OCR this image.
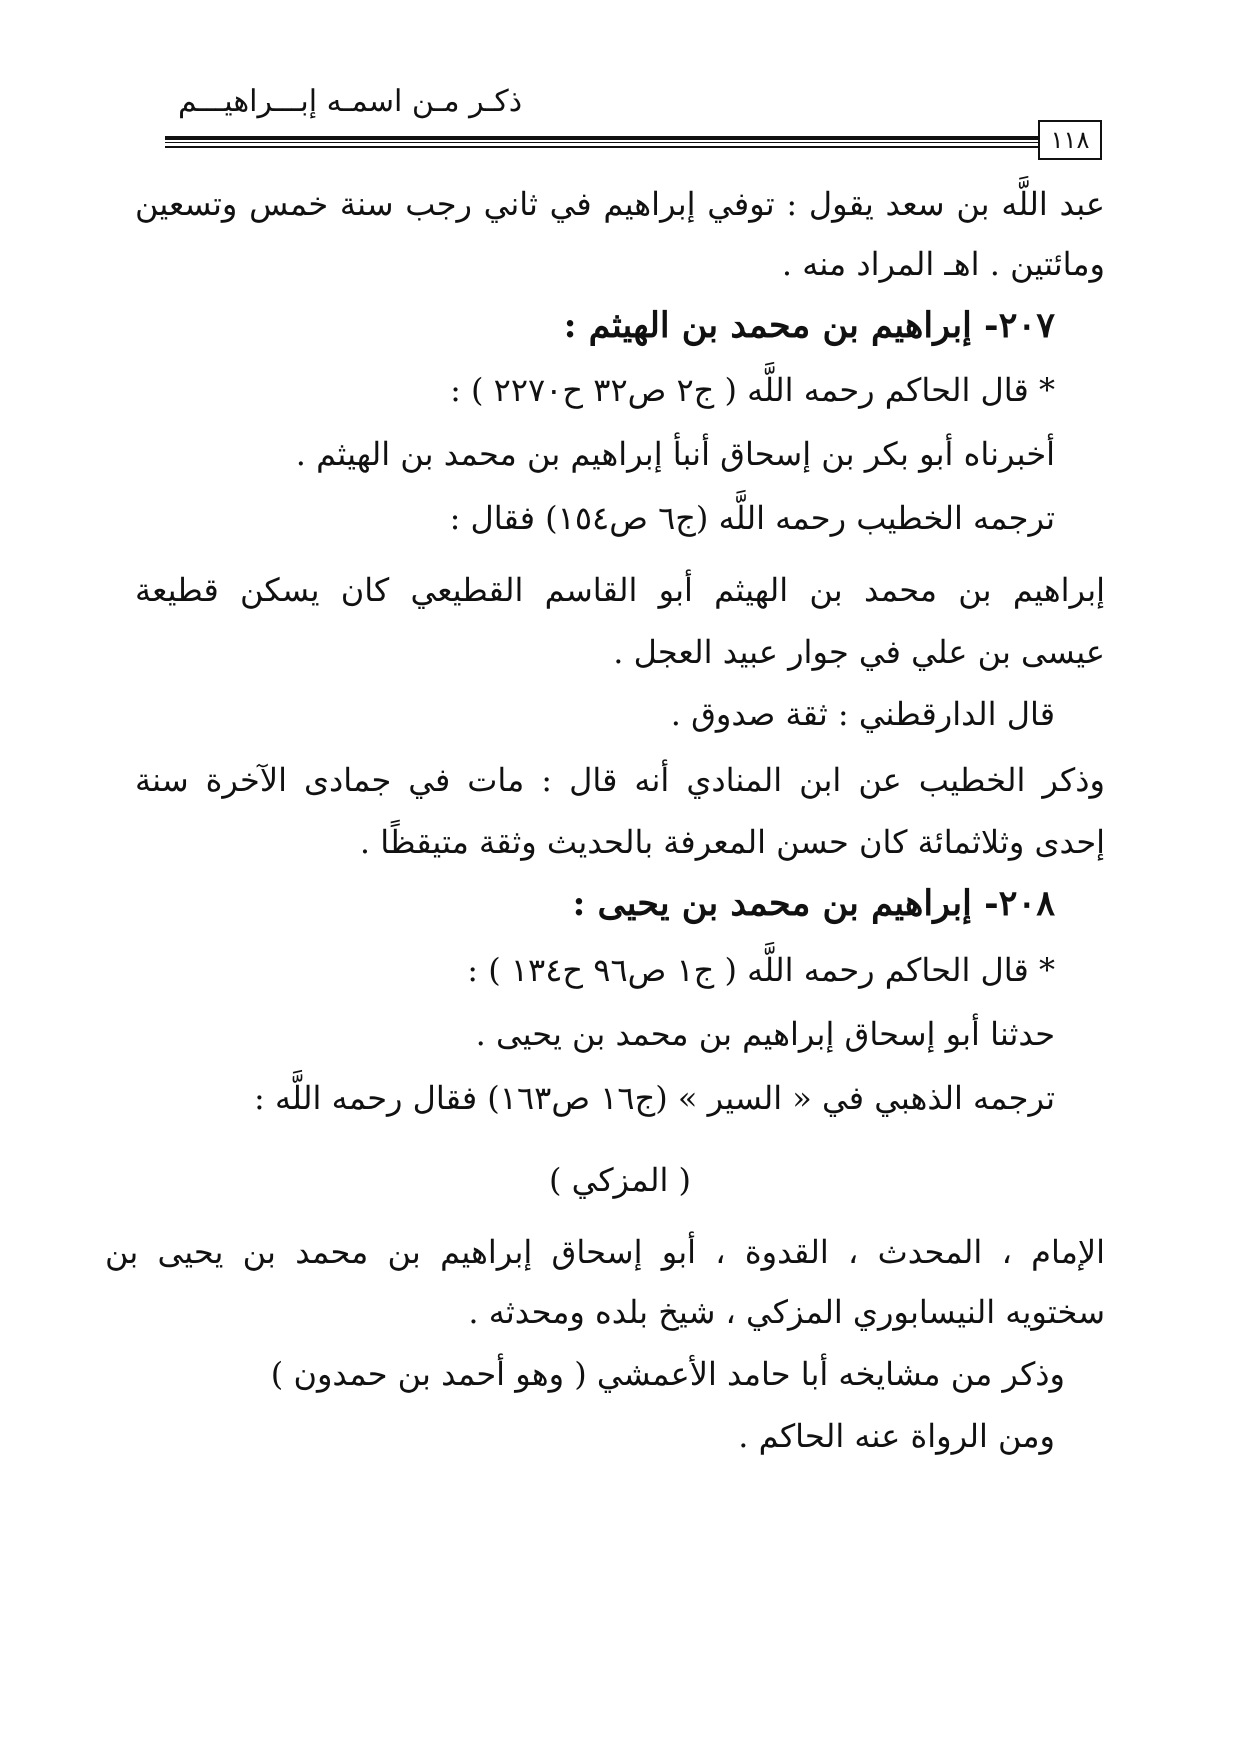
ذكـر مـن اسمـه إبـــراهيـــم
١١٨
عبد اللَّه بن سعد يقول : توفي إبراهيم في ثاني رجب سنة خمس وتسعين
ومائتين . اهـ المراد منه .
٢٠٧- إبراهيم بن محمد بن الهيثم :
* قال الحاكم رحمه اللَّه ( ج٢ ص٣٢ ح٢٢٧٠ ) :
أخبرناه أبو بكر بن إسحاق أنبأ إبراهيم بن محمد بن الهيثم .
ترجمه الخطيب رحمه اللَّه (ج٦ ص١٥٤) فقال :
إبراهيم بن محمد بن الهيثم أبو القاسم القطيعي كان يسكن قطيعة
عيسى بن علي في جوار عبيد العجل .
قال الدارقطني : ثقة صدوق .
وذكر الخطيب عن ابن المنادي أنه قال : مات في جمادى الآخرة سنة
إحدى وثلاثمائة كان حسن المعرفة بالحديث وثقة متيقظًا .
٢٠٨- إبراهيم بن محمد بن يحيى :
* قال الحاكم رحمه اللَّه ( ج١ ص٩٦ ح١٣٤ ) :
حدثنا أبو إسحاق إبراهيم بن محمد بن يحيى .
ترجمه الذهبي في « السير » (ج١٦ ص١٦٣) فقال رحمه اللَّه :
( المزكي )
الإمام ، المحدث ، القدوة ، أبو إسحاق إبراهيم بن محمد بن يحيى بن
سختويه النيسابوري المزكي ، شيخ بلده ومحدثه .
وذكر من مشايخه أبا حامد الأعمشي ( وهو أحمد بن حمدون )
ومن الرواة عنه الحاكم .
